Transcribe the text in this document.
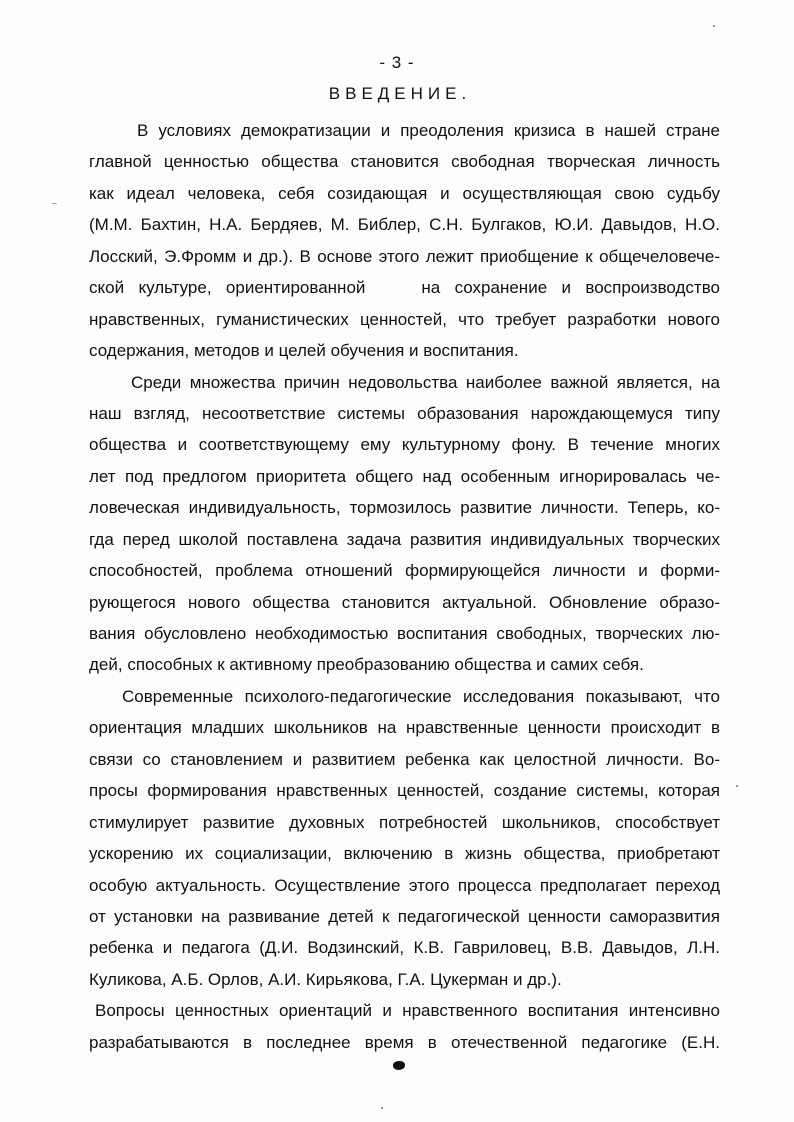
- 3 -
ВВЕДЕНИЕ.
В условиях демократизации и преодоления кризиса в нашей стране
главной ценностью общества становится свободная творческая личность
как идеал человека, себя созидающая и осуществляющая свою судьбу
(М.М. Бахтин, Н.А. Бердяев, М. Библер, С.Н. Булгаков, Ю.И. Давыдов, Н.О.
Лосский, Э.Фромм и др.). В основе этого лежит приобщение к общечеловече-
ской культуре, ориентированной	на сохранение и воспроизводство
нравственных, гуманистических ценностей, что требует разработки нового
содержания, методов и целей обучения и воспитания.
Среди множества причин недовольства наиболее важной является, на
наш взгляд, несоответствие системы образования нарождающемуся типу
общества и соответствующему ему культурному фону. В течение многих
лет под предлогом приоритета общего над особенным игнорировалась че-
ловеческая индивидуальность, тормозилось развитие личности. Теперь, ко-
гда перед школой поставлена задача развития индивидуальных творческих
способностей, проблема отношений формирующейся личности и форми-
рующегося нового общества становится актуальной. Обновление образо-
вания обусловлено необходимостью воспитания свободных, творческих лю-
дей, способных к активному преобразованию общества и самих себя.
Современные психолого-педагогические исследования показывают, что
ориентация младших школьников на нравственные ценности происходит в
связи со становлением и развитием ребенка как целостной личности. Во-
просы формирования нравственных ценностей, создание системы, которая
стимулирует развитие духовных потребностей школьников, способствует
ускорению их социализации, включению в жизнь общества, приобретают
особую актуальность. Осуществление этого процесса предполагает переход
от установки на развивание детей к педагогической ценности саморазвития
ребенка и педагога (Д.И. Водзинский, К.В. Гавриловец, В.В. Давыдов, Л.Н.
Куликова, А.Б. Орлов, А.И. Кирьякова, Г.А. Цукерман и др.).
Вопросы ценностных ориентаций и нравственного воспитания интенсивно
разрабатываются в последнее время в отечественной педагогике (Е.Н.
